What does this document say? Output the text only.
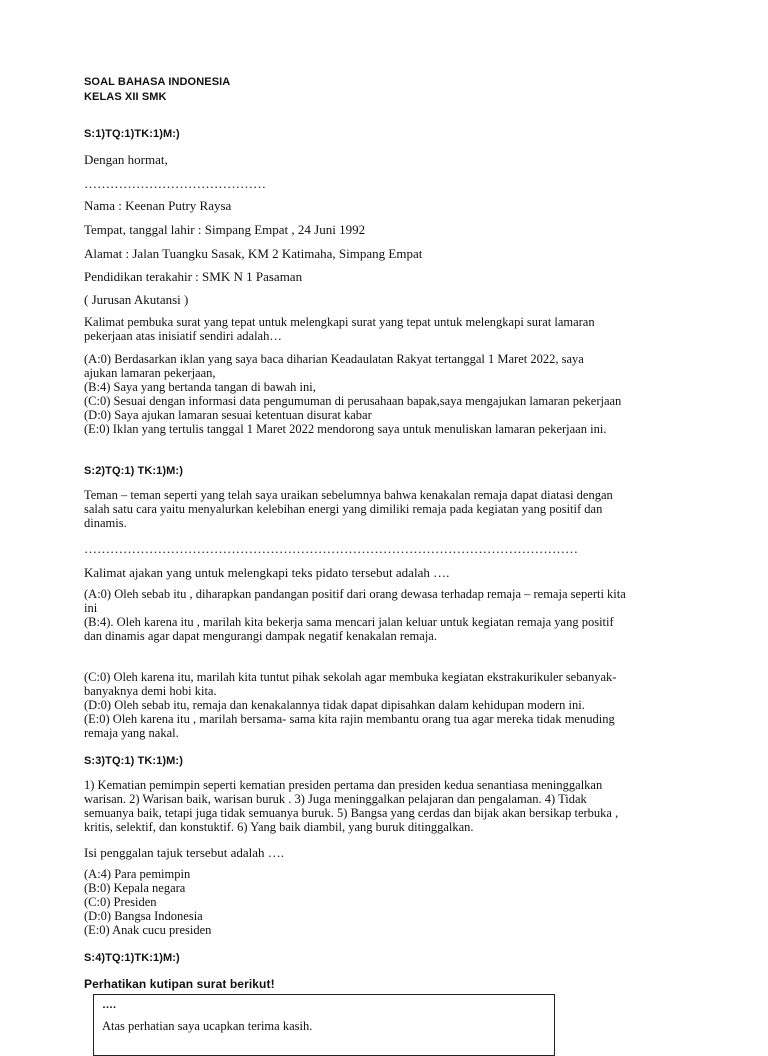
SOAL BAHASA INDONESIA
KELAS XII SMK
S:1)TQ:1)TK:1)M:)
Dengan hormat,
……………………………………
Nama : Keenan Putry Raysa
Tempat, tanggal lahir : Simpang Empat , 24 Juni 1992
Alamat : Jalan Tuangku Sasak, KM 2 Katimaha, Simpang Empat
Pendidikan terakahir : SMK N 1 Pasaman
( Jurusan Akutansi )
Kalimat pembuka surat yang tepat untuk melengkapi surat yang tepat untuk melengkapi surat lamaran
pekerjaan atas inisiatif sendiri adalah…
(A:0) Berdasarkan iklan yang saya baca diharian Keadaulatan Rakyat tertanggal 1 Maret 2022, saya
ajukan lamaran pekerjaan,
(B:4) Saya yang bertanda tangan di bawah ini,
(C:0) Sesuai dengan informasi data pengumuman di perusahaan bapak,saya mengajukan lamaran pekerjaan
(D:0) Saya ajukan lamaran sesuai ketentuan disurat kabar
(E:0) Iklan yang tertulis tanggal 1 Maret 2022 mendorong saya untuk menuliskan lamaran pekerjaan ini.
S:2)TQ:1) TK:1)M:)
Teman – teman seperti yang telah saya uraikan sebelumnya bahwa kenakalan remaja dapat diatasi dengan
salah satu cara yaitu menyalurkan kelebihan energi yang dimiliki remaja pada kegiatan yang positif dan
dinamis.
……………………………………………………………………………………………………
Kalimat ajakan yang untuk melengkapi teks pidato tersebut adalah ….
(A:0) Oleh sebab itu , diharapkan pandangan positif dari orang dewasa terhadap remaja – remaja seperti kita
ini
(B:4). Oleh karena itu , marilah kita bekerja sama mencari jalan keluar untuk kegiatan remaja yang positif
dan dinamis agar dapat mengurangi dampak negatif kenakalan remaja.
(C:0) Oleh karena itu, marilah kita tuntut pihak sekolah agar membuka kegiatan ekstrakurikuler sebanyak-
banyaknya demi hobi kita.
(D:0) Oleh sebab itu, remaja dan kenakalannya tidak dapat dipisahkan dalam kehidupan modern ini.
(E:0) Oleh karena itu , marilah bersama- sama kita rajin membantu orang tua agar mereka tidak menuding
remaja yang nakal.
S:3)TQ:1) TK:1)M:)
1) Kematian pemimpin seperti kematian presiden pertama dan presiden kedua senantiasa meninggalkan
warisan. 2) Warisan baik, warisan buruk . 3) Juga meninggalkan pelajaran dan pengalaman. 4) Tidak
semuanya baik, tetapi juga tidak semuanya buruk. 5) Bangsa yang cerdas dan bijak akan bersikap terbuka ,
kritis, selektif, dan konstuktif. 6) Yang baik diambil, yang buruk ditinggalkan.
Isi penggalan tajuk tersebut adalah ….
(A:4) Para pemimpin
(B:0) Kepala negara
(C:0) Presiden
(D:0) Bangsa Indonesia
(E:0) Anak cucu presiden
S:4)TQ:1)TK:1)M:)
Perhatikan kutipan surat berikut!
….
Atas perhatian saya ucapkan terima kasih.
